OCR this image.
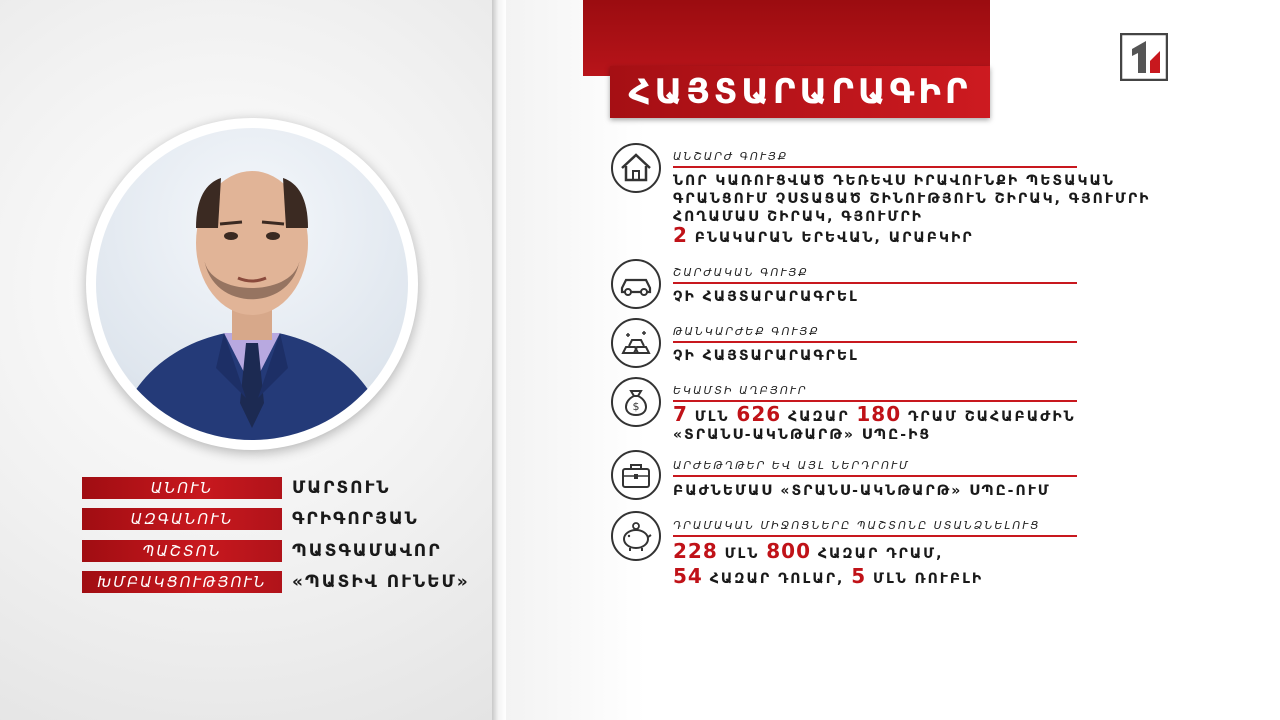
ԱՆՈՒՆ	ՄԱՐՏՈՒՆ
ԱԶԳԱՆՈՒՆ	ԳՐԻԳՈՐՅԱՆ
ՊԱՇՏՈՆ	ՊԱՏԳԱՄԱՎՈՐ
ԽՄԲԱԿՑՈՒԹՅՈՒՆ	«ՊԱՏԻՎ ՈՒՆԵՄ»
ՀԱՅՏԱՐԱՐԱԳԻՐ
ԱՆՇԱՐԺ ԳՈՒՅՔ
ՆՈՐ ԿԱՌՈՒՑՎԱԾ ԴԵՌԵՎՍ ԻՐԱՎՈՒՆՔԻ ՊԵՏԱԿԱՆ
ԳՐԱՆՑՈՒՄ ՉՍՏԱՑԱԾ ՇԻՆՈՒԹՅՈՒՆ ՇԻՐԱԿ, ԳՅՈՒՄՐԻ
ՀՈՂԱՄԱՍ ՇԻՐԱԿ, ԳՅՈՒՄՐԻ
2 ԲՆԱԿԱՐԱՆ ԵՐԵՎԱՆ, ԱՐԱԲԿԻՐ
ՇԱՐԺԱԿԱՆ ԳՈՒՅՔ
ՉԻ ՀԱՅՏԱՐԱՐԱԳՐԵԼ
ԹԱՆԿԱՐԺԵՔ ԳՈՒՅՔ
ՉԻ ՀԱՅՏԱՐԱՐԱԳՐԵԼ
$
ԵԿԱՄՏԻ ԱՂԲՅՈՒՐ
7 ՄԼՆ 626 ՀԱԶԱՐ 180 ԴՐԱՄ ՇԱՀԱԲԱԺԻՆ
«ՏՐԱՆՍ-ԱԿՆԹԱՐԹ» ՍՊԸ-ԻՑ
ԱՐԺԵԹՂԹԵՐ ԵՎ ԱՅԼ ՆԵՐԴՐՈՒՄ
ԲԱԺՆԵՄԱՍ «ՏՐԱՆՍ-ԱԿՆԹԱՐԹ» ՍՊԸ-ՈՒՄ
ԴՐԱՄԱԿԱՆ ՄԻՋՈՑՆԵՐԸ ՊԱՇՏՈՆԸ ՍՏԱՆՁՆԵԼՈՒՑ
228 ՄԼՆ 800 ՀԱԶԱՐ ԴՐԱՄ,
54 ՀԱԶԱՐ ԴՈԼԱՐ, 5 ՄԼՆ ՌՈՒԲԼԻ
